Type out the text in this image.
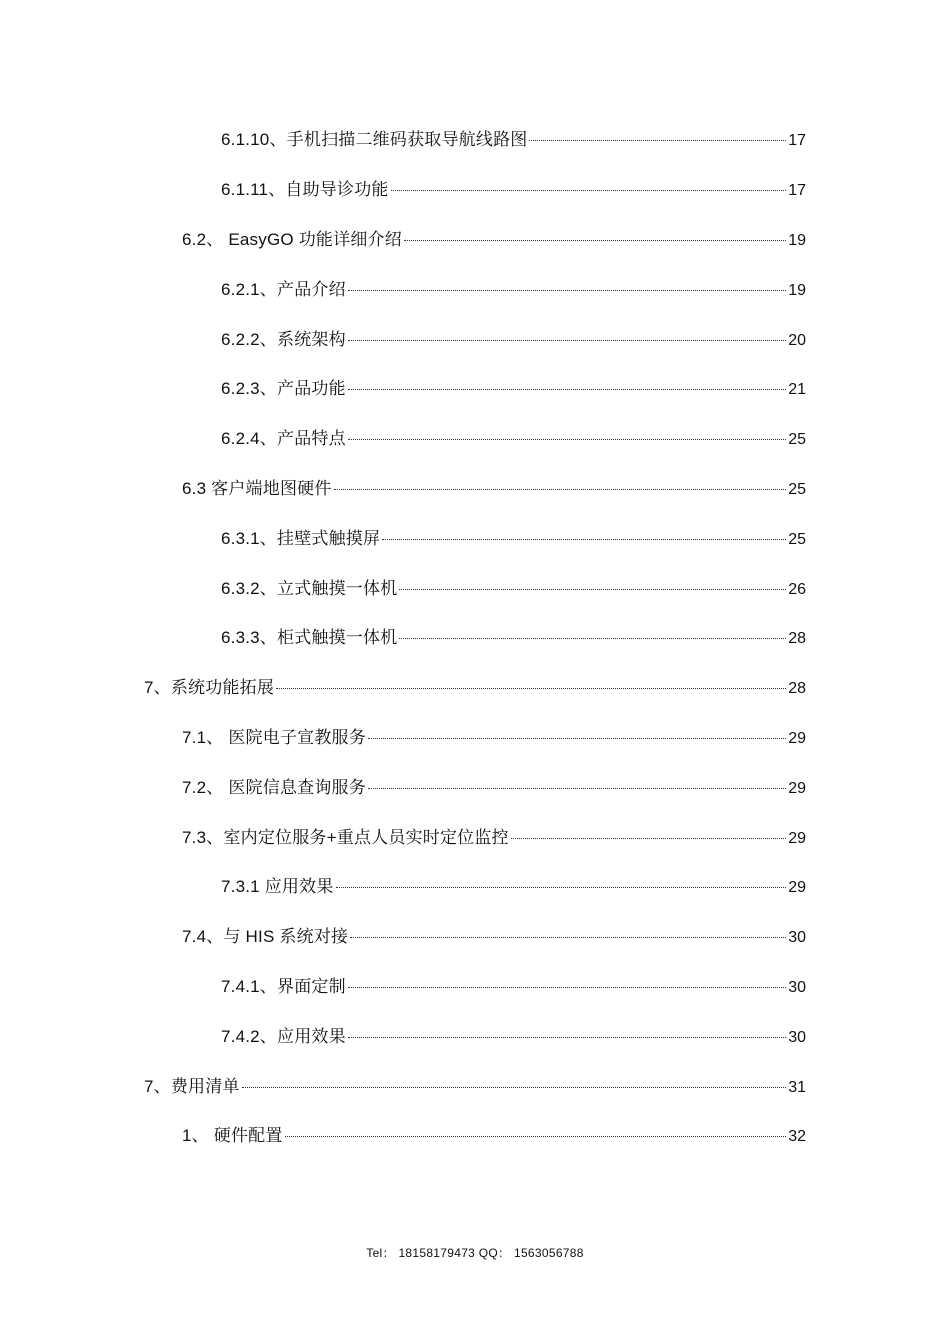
6.1.10、手机扫描二维码获取导航线路图	17
6.1.11、自助导诊功能	17
6.2、 EasyGO 功能详细介绍	19
6.2.1、产品介绍	19
6.2.2、系统架构	20
6.2.3、产品功能	21
6.2.4、产品特点	25
6.3 客户端地图硬件	25
6.3.1、挂壁式触摸屏	25
6.3.2、立式触摸一体机	26
6.3.3、柜式触摸一体机	28
7、系统功能拓展	28
7.1、 医院电子宣教服务	29
7.2、 医院信息查询服务	29
7.3、室内定位服务+重点人员实时定位监控	29
7.3.1 应用效果	29
7.4、与 HIS 系统对接	30
7.4.1、界面定制	30
7.4.2、应用效果	30
7、费用清单	31
1、 硬件配置	32
Tel： 18158179473 QQ： 1563056788
